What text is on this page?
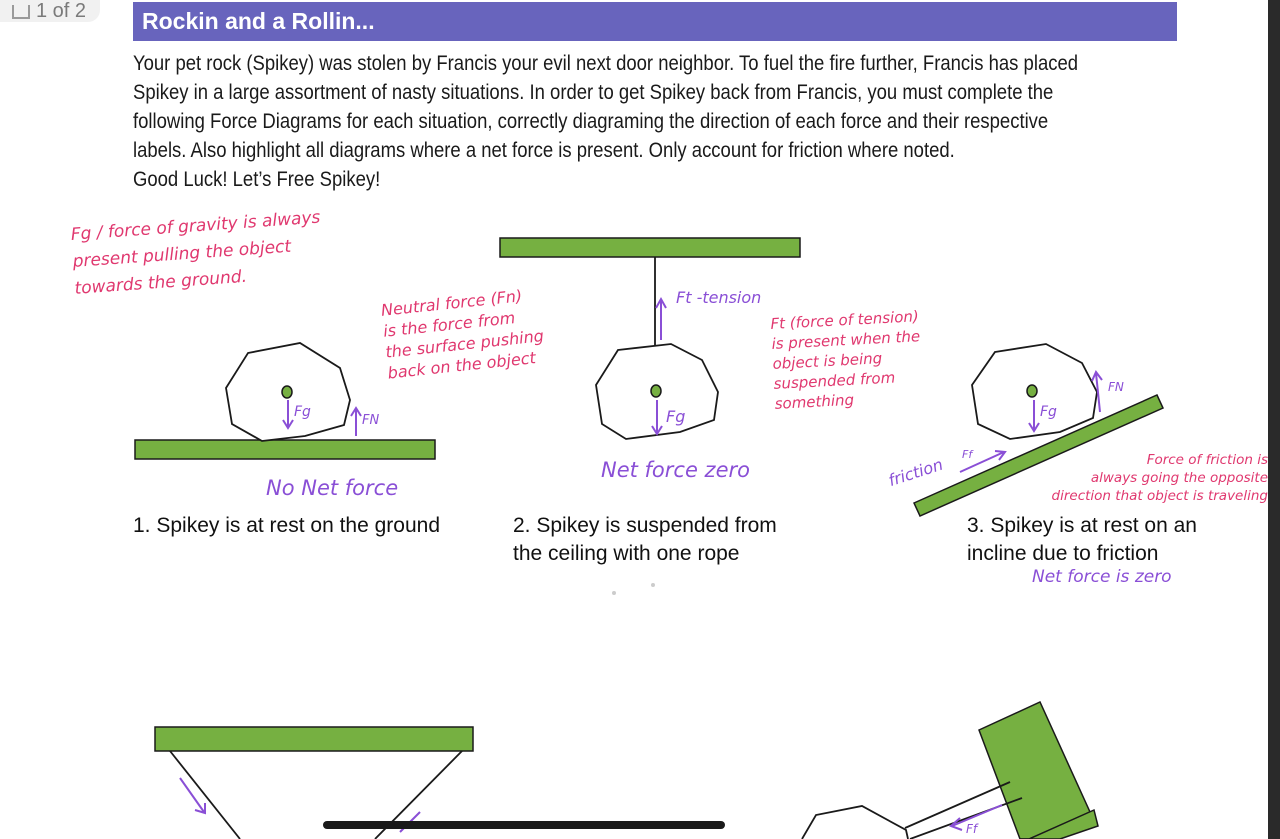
1 of 2	Rockin and a Rollin...

Your pet rock (Spikey) was stolen by Francis your evil next door neighbor. To fuel the fire further, Francis has placed

Spikey in a large assortment of nasty situations. In order to get Spikey back from Francis, you must complete the

following Force Diagrams for each situation, correctly diagraming the direction of each force and their respective

labels. Also highlight all diagrams where a net force is present. Only account for friction where noted.

Good Luck! Let’s Free Spikey!

Fg
FN
Ft -tension
Fg
FN
Fg
Ff
friction
Ff
No Net force
Net force zero
Net force is zero
Fg / force of gravity is always
present pulling the object
towards the ground.
Neutral force (Fn)
is the force from
the surface pushing
back on the object
Ft (force of tension)
is present when the
object is being
suspended from
something
Force of friction is
always going the opposite
direction that object is traveling
1. Spikey is at rest on the ground	2. Spikey is suspended from
the ceiling with one rope
3. Spikey is at rest on an
incline due to friction
